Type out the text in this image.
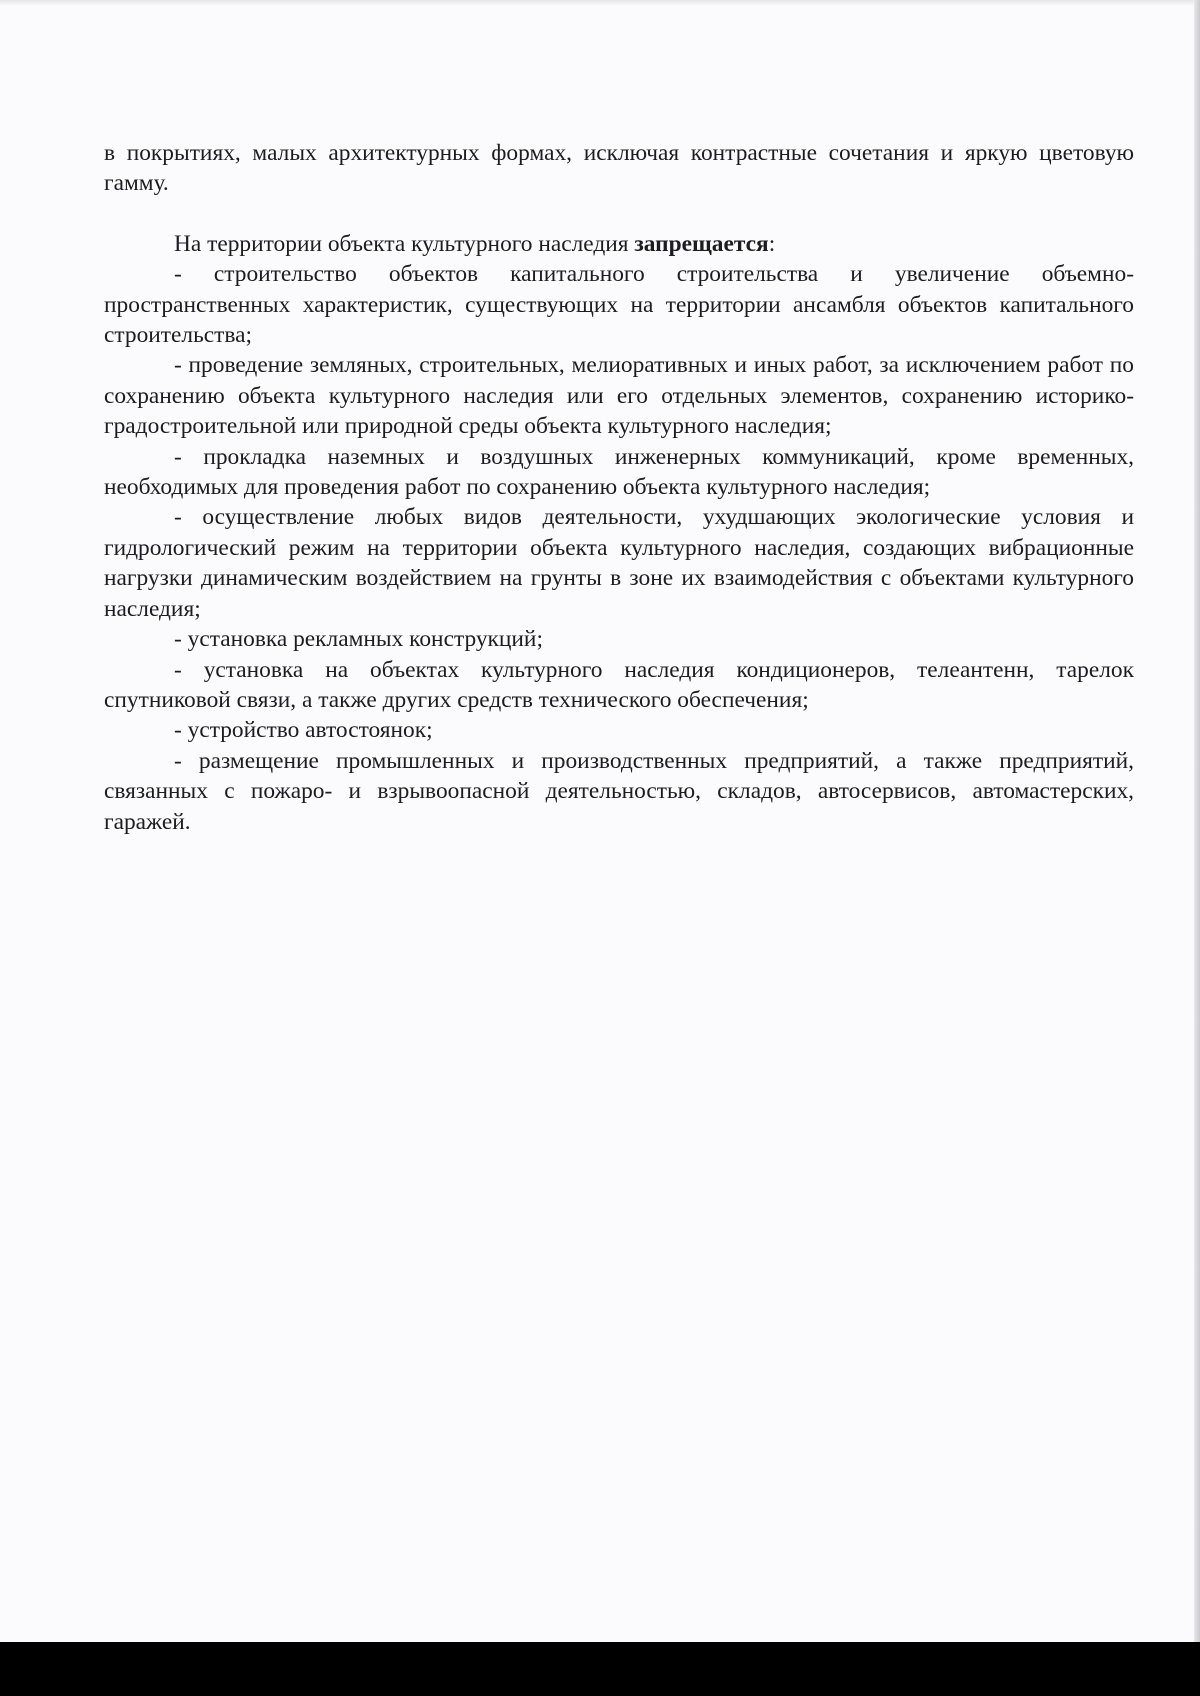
в покрытиях, малых архитектурных формах, исключая контрастные сочетания и яркую цветовую гамму.

На территории объекта культурного наследия запрещается:

- строительство объектов капитального строительства и увеличение объемно-пространственных характеристик, существующих на территории ансамбля объектов капитального строительства;

- проведение земляных, строительных, мелиоративных и иных работ, за исключением работ по сохранению объекта культурного наследия или его отдельных элементов, сохранению историко-градостроительной или природной среды объекта культурного наследия;

- прокладка наземных и воздушных инженерных коммуникаций, кроме временных, необходимых для проведения работ по сохранению объекта культурного наследия;

- осуществление любых видов деятельности, ухудшающих экологические условия и гидрологический режим на территории объекта культурного наследия, создающих вибрационные нагрузки динамическим воздействием на грунты в зоне их взаимодействия с объектами культурного наследия;

- установка рекламных конструкций;

- установка на объектах культурного наследия кондиционеров, телеантенн, тарелок спутниковой связи, а также других средств технического обеспечения;

- устройство автостоянок;

- размещение промышленных и производственных предприятий, а также предприятий, связанных с пожаро- и взрывоопасной деятельностью, складов, автосервисов, автомастерских, гаражей.
